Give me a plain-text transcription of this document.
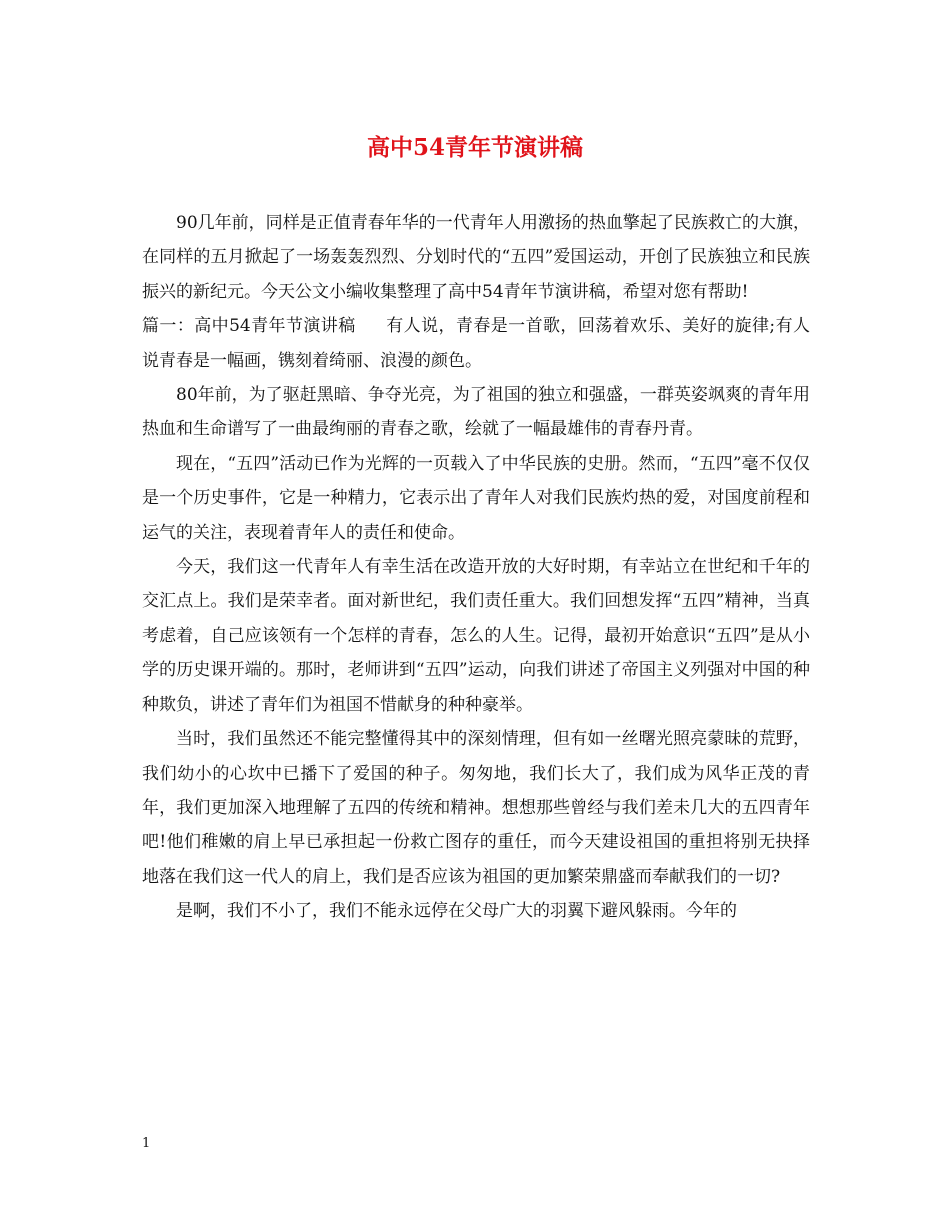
高中54青年节演讲稿

90几年前，同样是正值青春年华的一代青年人用激扬的热血擎起了民族救亡的大旗，在同样的五月掀起了一场轰轰烈烈、分划时代的“五四”爱国运动，开创了民族独立和民族振兴的新纪元。今天公文小编收集整理了高中54青年节演讲稿，希望对您有帮助!

篇一：高中54青年节演讲稿 有人说，青春是一首歌，回荡着欢乐、美好的旋律;有人说青春是一幅画，镌刻着绮丽、浪漫的颜色。

80年前，为了驱赶黑暗、争夺光亮，为了祖国的独立和强盛，一群英姿飒爽的青年用热血和生命谱写了一曲最绚丽的青春之歌，绘就了一幅最雄伟的青春丹青。

现在，“五四”活动已作为光辉的一页载入了中华民族的史册。然而，“五四”毫不仅仅是一个历史事件，它是一种精力，它表示出了青年人对我们民族灼热的爱，对国度前程和运气的关注，表现着青年人的责任和使命。

今天，我们这一代青年人有幸生活在改造开放的大好时期，有幸站立在世纪和千年的交汇点上。我们是荣幸者。面对新世纪，我们责任重大。我们回想发挥“五四”精神，当真考虑着，自己应该领有一个怎样的青春，怎么的人生。记得，最初开始意识“五四”是从小学的历史课开端的。那时，老师讲到“五四”运动，向我们讲述了帝国主义列强对中国的种种欺负，讲述了青年们为祖国不惜献身的种种豪举。

当时，我们虽然还不能完整懂得其中的深刻情理，但有如一丝曙光照亮蒙昧的荒野，我们幼小的心坎中已播下了爱国的种子。匆匆地，我们长大了，我们成为风华正茂的青年，我们更加深入地理解了五四的传统和精神。想想那些曾经与我们差未几大的五四青年吧!他们稚嫩的肩上早已承担起一份救亡图存的重任，而今天建设祖国的重担将别无抉择地落在我们这一代人的肩上，我们是否应该为祖国的更加繁荣鼎盛而奉献我们的一切?

是啊，我们不小了，我们不能永远停在父母广大的羽翼下避风躲雨。今年的

1
